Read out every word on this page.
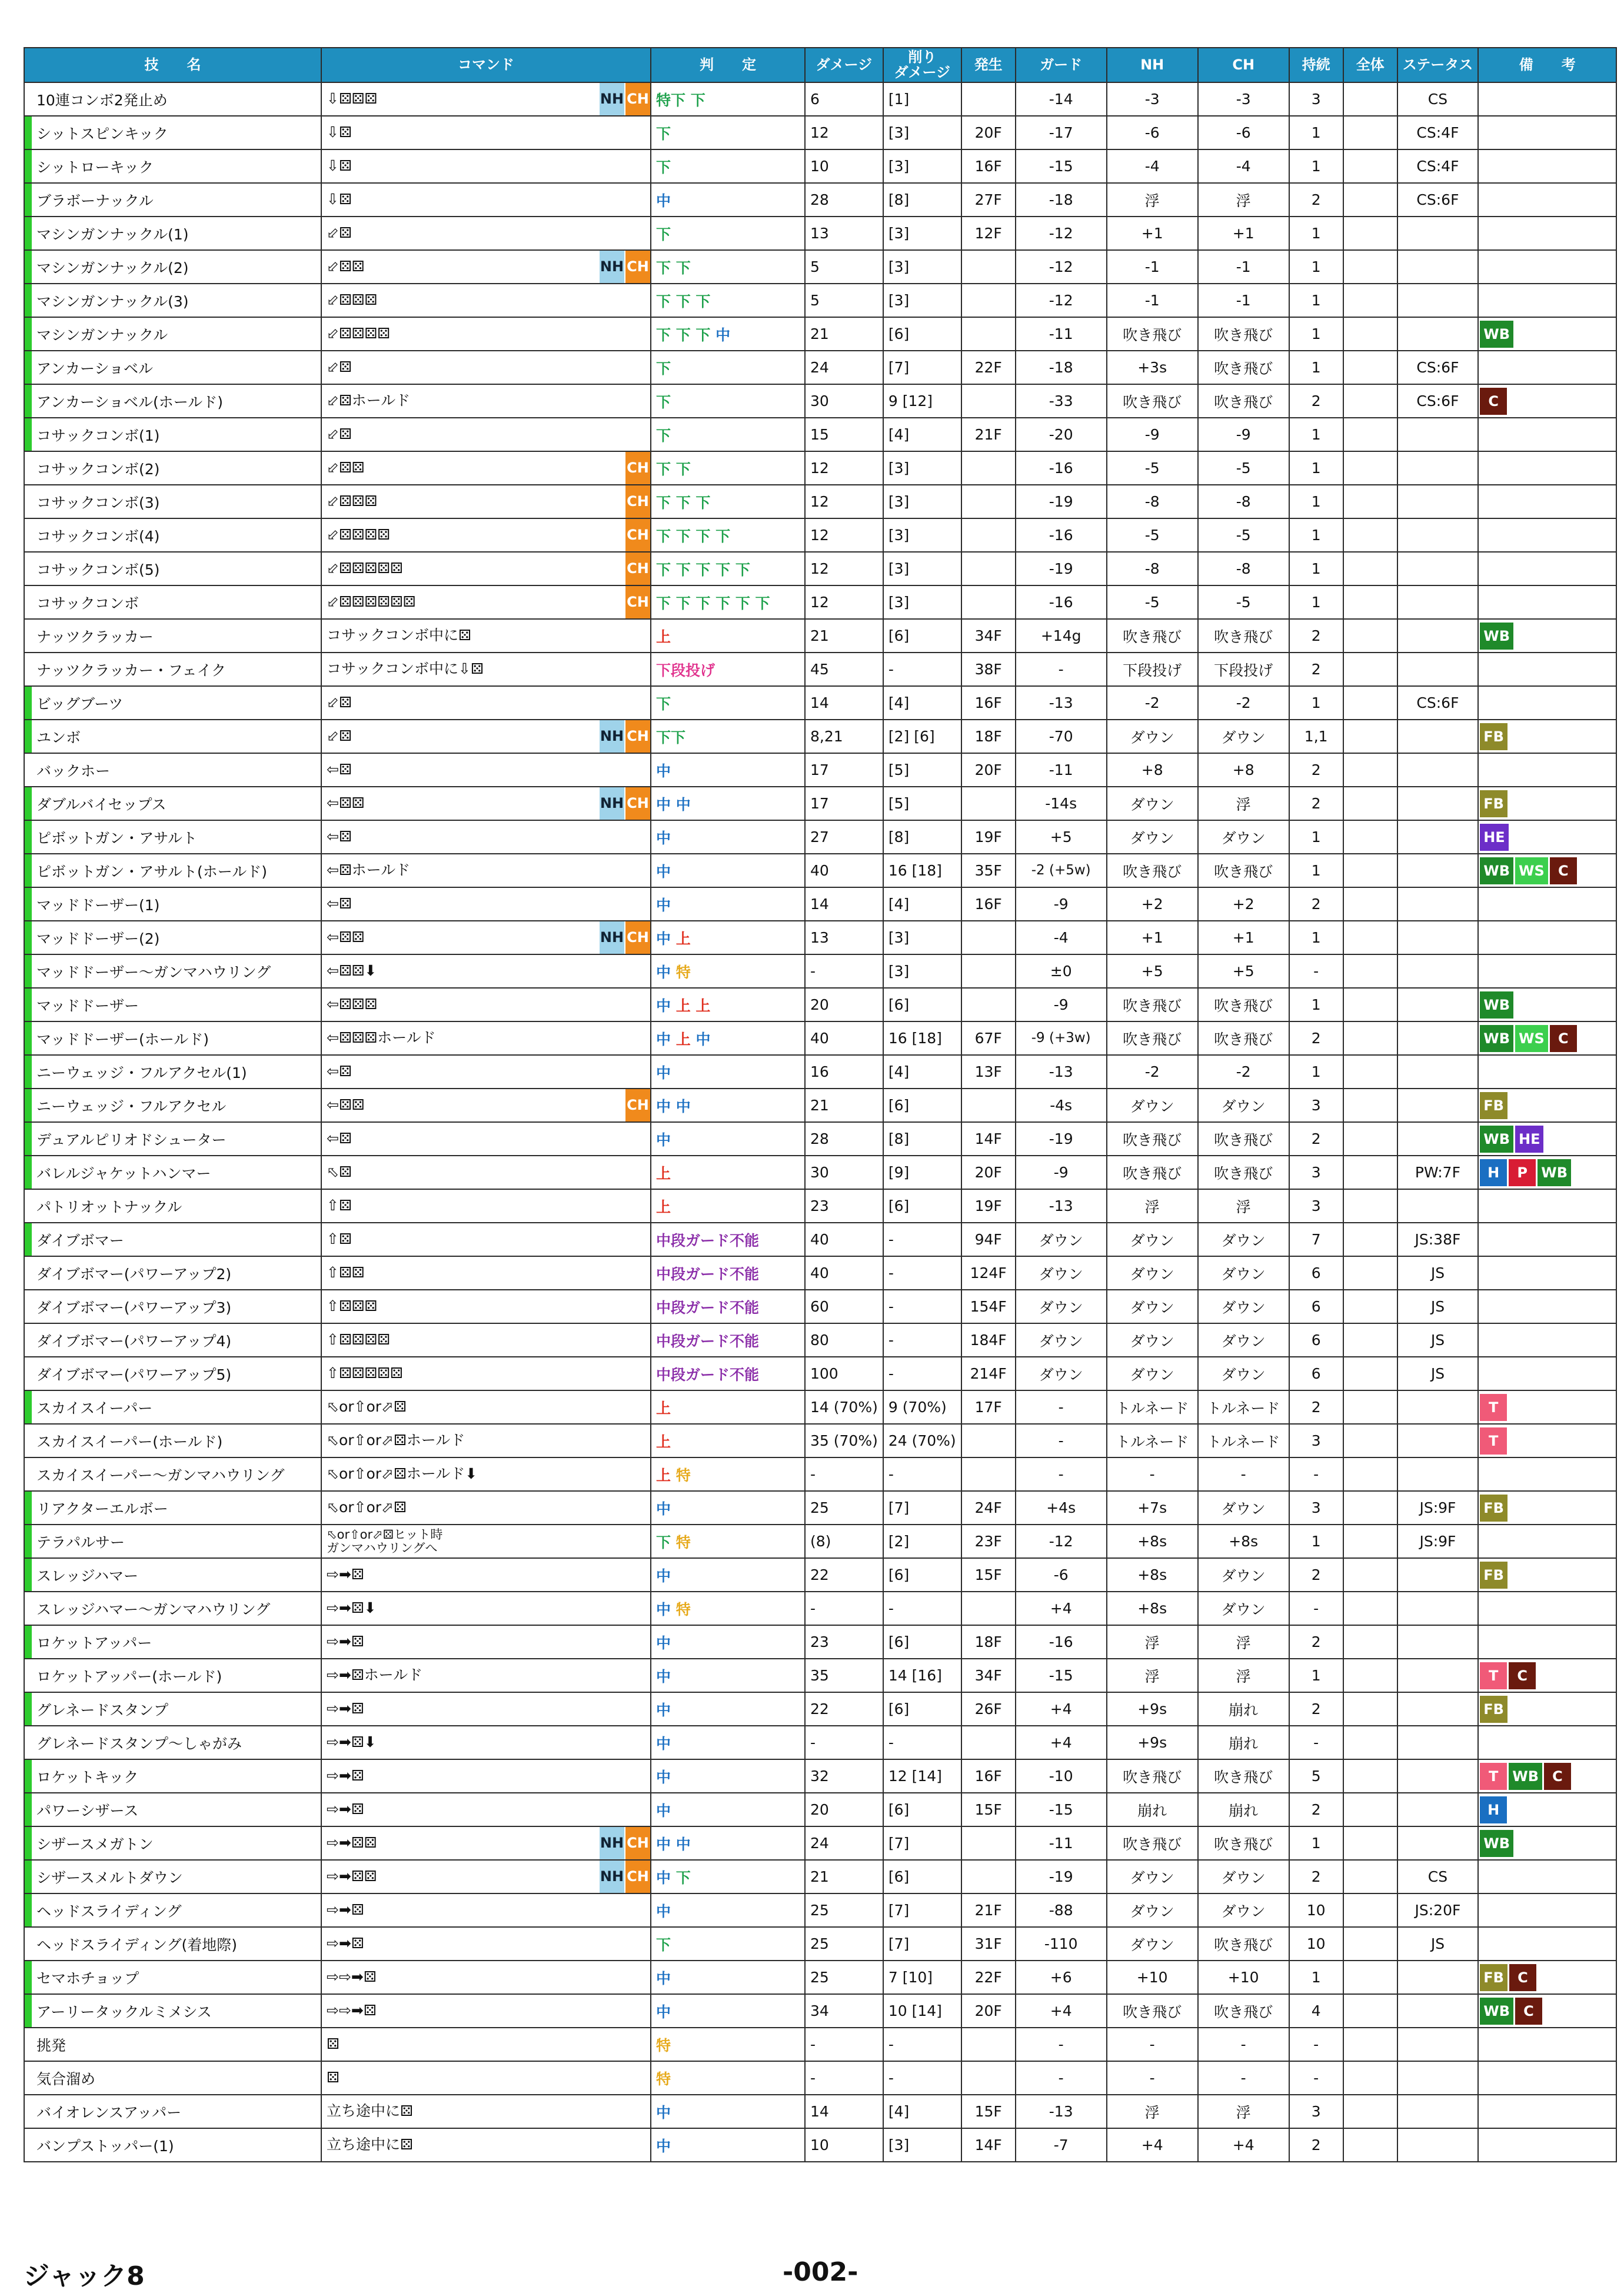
技　　名	コマンド	判　　定	ダメージ	削り
ダメージ	発生	ガード	NH	CH	持続	全体	ステータス	備　　考
10連コンボ2発止め	⇩⚄⚄⚄ NH CH	特下 下	6	[1]		-14	-3	-3	3		CS	
シットスピンキック	⇩⚄	下	12	[3]	20F	-17	-6	-6	1		CS:4F	
シットローキック	⇩⚄	下	10	[3]	16F	-15	-4	-4	1		CS:4F	
ブラボーナックル	⇩⚄	中	28	[8]	27F	-18	浮	浮	2		CS:6F	
マシンガンナックル(1)	⬃⚄	下	13	[3]	12F	-12	+1	+1	1			
マシンガンナックル(2)	⬃⚄⚄ NH CH	下 下	5	[3]		-12	-1	-1	1			
マシンガンナックル(3)	⬃⚄⚄⚄	下 下 下	5	[3]		-12	-1	-1	1			
マシンガンナックル	⬃⚄⚄⚄⚄	下 下 下 中	21	[6]		-11	吹き飛び	吹き飛び	1			WB
アンカーショベル	⬃⚄	下	24	[7]	22F	-18	+3s	吹き飛び	1		CS:6F	
アンカーショベル(ホールド)	⬃⚄ホールド	下	30	9 [12]		-33	吹き飛び	吹き飛び	2		CS:6F	C
コサックコンボ(1)	⬃⚄	下	15	[4]	21F	-20	-9	-9	1			
コサックコンボ(2)	⬃⚄⚄ CH	下 下	12	[3]		-16	-5	-5	1			
コサックコンボ(3)	⬃⚄⚄⚄ CH	下 下 下	12	[3]		-19	-8	-8	1			
コサックコンボ(4)	⬃⚄⚄⚄⚄ CH	下 下 下 下	12	[3]		-16	-5	-5	1			
コサックコンボ(5)	⬃⚄⚄⚄⚄⚄ CH	下 下 下 下 下	12	[3]		-19	-8	-8	1			
コサックコンボ	⬃⚄⚄⚄⚄⚄⚄ CH	下 下 下 下 下 下	12	[3]		-16	-5	-5	1			
ナッツクラッカー	コサックコンボ中に⚄	上	21	[6]	34F	+14g	吹き飛び	吹き飛び	2			WB
ナッツクラッカー・フェイク	コサックコンボ中に⇩⚄	下段投げ	45	-	38F	-	下段投げ	下段投げ	2			
ビッグブーツ	⬃⚄	下	14	[4]	16F	-13	-2	-2	1		CS:6F	
ユンボ	⬃⚄ NH CH	下下	8,21	[2] [6]	18F	-70	ダウン	ダウン	1,1			FB
バックホー	⇦⚄	中	17	[5]	20F	-11	+8	+8	2			
ダブルバイセップス	⇦⚄⚄ NH CH	中 中	17	[5]		-14s	ダウン	浮	2			FB
ピボットガン・アサルト	⇦⚄	中	27	[8]	19F	+5	ダウン	ダウン	1			HE
ピボットガン・アサルト(ホールド)	⇦⚄ホールド	中	40	16 [18]	35F	-2 (+5w)	吹き飛び	吹き飛び	1			WB WS C
マッドドーザー(1)	⇦⚄	中	14	[4]	16F	-9	+2	+2	2			
マッドドーザー(2)	⇦⚄⚄ NH CH	中 上	13	[3]		-4	+1	+1	1			
マッドドーザー～ガンマハウリング	⇦⚄⚄⬇	中 特	-	[3]		±0	+5	+5	-			
マッドドーザー	⇦⚄⚄⚄	中 上 上	20	[6]		-9	吹き飛び	吹き飛び	1			WB
マッドドーザー(ホールド)	⇦⚄⚄⚄ホールド	中 上 中	40	16 [18]	67F	-9 (+3w)	吹き飛び	吹き飛び	2			WB WS C
ニーウェッジ・フルアクセル(1)	⇦⚄	中	16	[4]	13F	-13	-2	-2	1			
ニーウェッジ・フルアクセル	⇦⚄⚄ CH	中 中	21	[6]		-4s	ダウン	ダウン	3			FB
デュアルピリオドシューター	⇦⚄	中	28	[8]	14F	-19	吹き飛び	吹き飛び	2			WB HE
バレルジャケットハンマー	⬁⚄	上	30	[9]	20F	-9	吹き飛び	吹き飛び	3		PW:7F	H P WB
パトリオットナックル	⇧⚄	上	23	[6]	19F	-13	浮	浮	3			
ダイブボマー	⇧⚄	中段ガード不能	40	-	94F	ダウン	ダウン	ダウン	7		JS:38F	
ダイブボマー(パワーアップ2)	⇧⚄⚄	中段ガード不能	40	-	124F	ダウン	ダウン	ダウン	6		JS	
ダイブボマー(パワーアップ3)	⇧⚄⚄⚄	中段ガード不能	60	-	154F	ダウン	ダウン	ダウン	6		JS	
ダイブボマー(パワーアップ4)	⇧⚄⚄⚄⚄	中段ガード不能	80	-	184F	ダウン	ダウン	ダウン	6		JS	
ダイブボマー(パワーアップ5)	⇧⚄⚄⚄⚄⚄	中段ガード不能	100	-	214F	ダウン	ダウン	ダウン	6		JS	
スカイスイーパー	⬁or⇧or⬀⚄	上	14 (70%)	9 (70%)	17F	-	トルネード	トルネード	2			T
スカイスイーパー(ホールド)	⬁or⇧or⬀⚄ホールド	上	35 (70%)	24 (70%)		-	トルネード	トルネード	3			T
スカイスイーパー～ガンマハウリング	⬁or⇧or⬀⚄ホールド⬇	上 特	-	-		-	-	-	-			
リアクターエルボー	⬁or⇧or⬀⚄	中	25	[7]	24F	+4s	+7s	ダウン	3		JS:9F	FB
テラパルサー	⬁or⇧or⬀⚄ヒット時
ガンマハウリングへ	下 特	(8)	[2]	23F	-12	+8s	+8s	1		JS:9F	
スレッジハマー	⇨➡⚄	中	22	[6]	15F	-6	+8s	ダウン	2			FB
スレッジハマー～ガンマハウリング	⇨➡⚄⬇	中 特	-	-		+4	+8s	ダウン	-			
ロケットアッパー	⇨➡⚄	中	23	[6]	18F	-16	浮	浮	2			
ロケットアッパー(ホールド)	⇨➡⚄ホールド	中	35	14 [16]	34F	-15	浮	浮	1			T C
グレネードスタンプ	⇨➡⚄	中	22	[6]	26F	+4	+9s	崩れ	2			FB
グレネードスタンプ～しゃがみ	⇨➡⚄⬇	中	-	-		+4	+9s	崩れ	-			
ロケットキック	⇨➡⚄	中	32	12 [14]	16F	-10	吹き飛び	吹き飛び	5			T WB C
パワーシザース	⇨➡⚄	中	20	[6]	15F	-15	崩れ	崩れ	2			H
シザースメガトン	⇨➡⚄⚄ NH CH	中 中	24	[7]		-11	吹き飛び	吹き飛び	1			WB
シザースメルトダウン	⇨➡⚄⚄ NH CH	中 下	21	[6]		-19	ダウン	ダウン	2		CS	
ヘッドスライディング	⇨➡⚄	中	25	[7]	21F	-88	ダウン	ダウン	10		JS:20F	
ヘッドスライディング(着地際)	⇨➡⚄	下	25	[7]	31F	-110	ダウン	吹き飛び	10		JS	
セマホチョップ	⇨⇨➡⚄	中	25	7 [10]	22F	+6	+10	+10	1			FB C
アーリータックルミメシス	⇨⇨➡⚄	中	34	10 [14]	20F	+4	吹き飛び	吹き飛び	4			WB C
挑発	⚄	特	-	-		-	-	-	-			
気合溜め	⚄	特	-	-		-	-	-	-			
バイオレンスアッパー	立ち途中に⚄	中	14	[4]	15F	-13	浮	浮	3			
バンプストッパー(1)	立ち途中に⚄	中	10	[3]	14F	-7	+4	+4	2			
ジャック8	-002-
